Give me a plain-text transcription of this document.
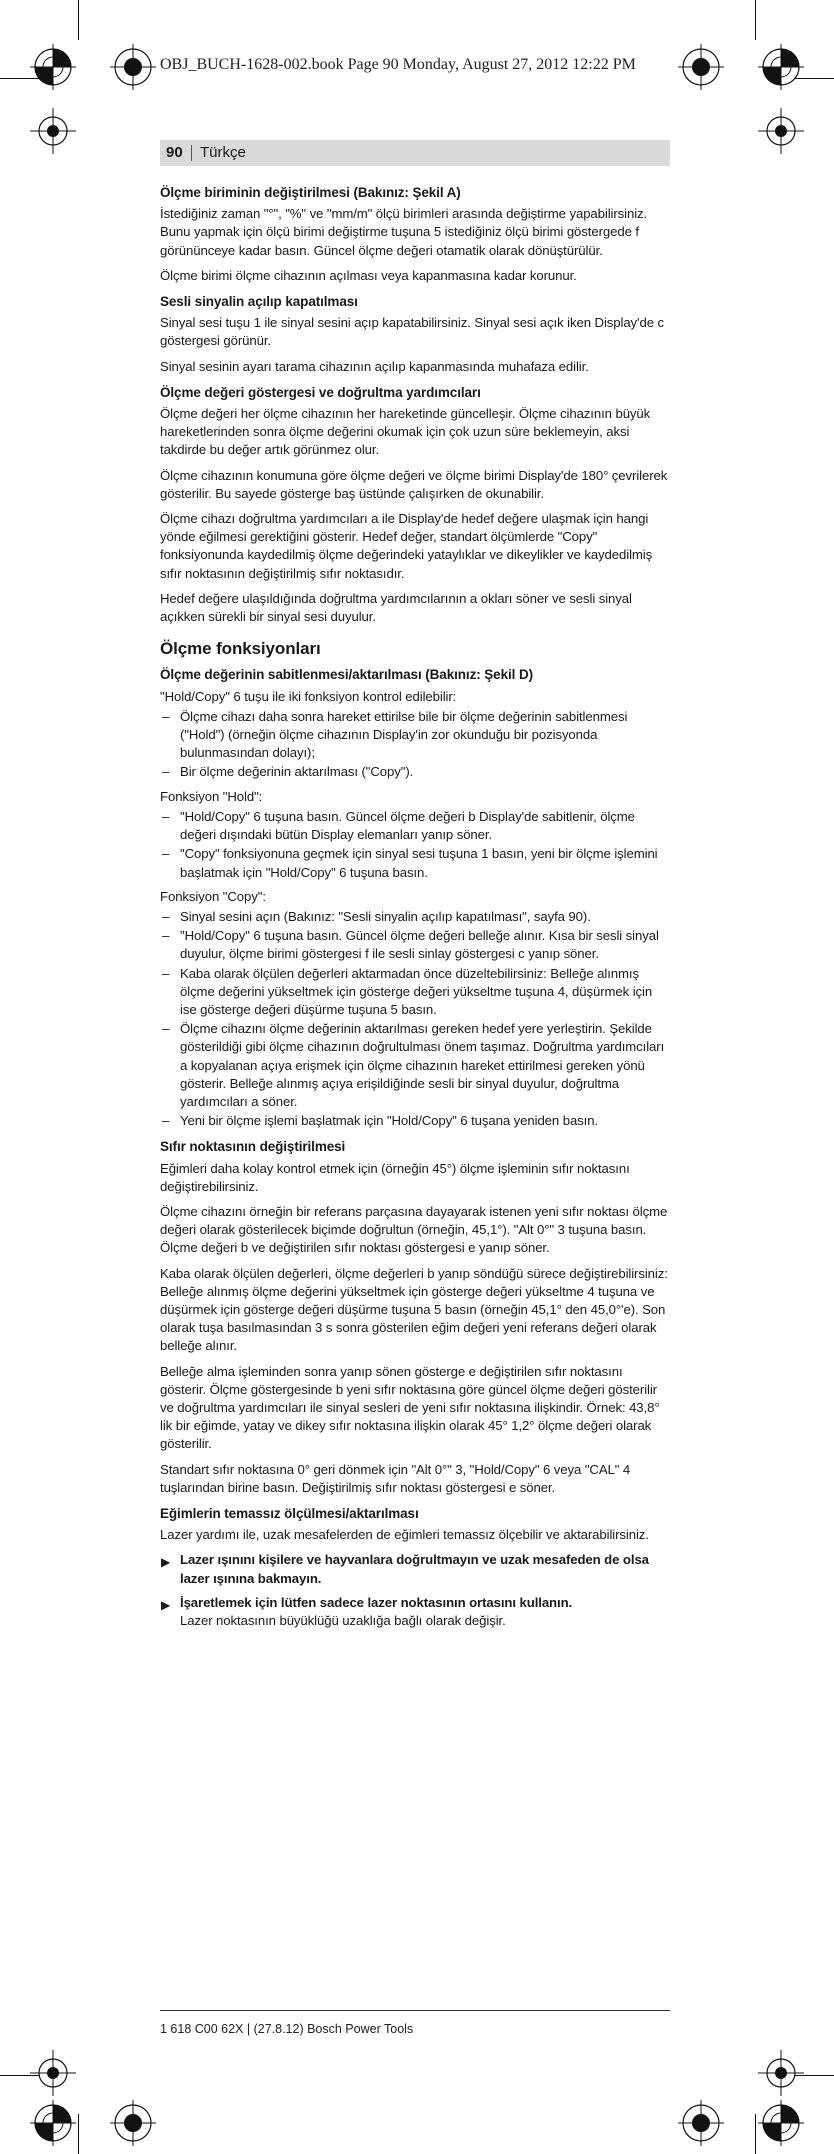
OBJ_BUCH-1628-002.book Page 90 Monday, August 27, 2012 12:22 PM
90 Türkçe
Ölçme biriminin değiştirilmesi (Bakınız: Şekil A)

İstediğiniz zaman "°", "%" ve "mm/m" ölçü birimleri arasında değiştirme yapabilirsiniz. Bunu yapmak için ölçü birimi değiştirme tuşuna 5 istediğiniz ölçü birimi göstergede f görününceye kadar basın. Güncel ölçme değeri otamatik olarak dönüştürülür.

Ölçme birimi ölçme cihazının açılması veya kapanmasına kadar korunur.

Sesli sinyalin açılıp kapatılması

Sinyal sesi tuşu 1 ile sinyal sesini açıp kapatabilirsiniz. Sinyal sesi açık iken Display'de c göstergesi görünür.

Sinyal sesinin ayarı tarama cihazının açılıp kapanmasında muhafaza edilir.

Ölçme değeri göstergesi ve doğrultma yardımcıları

Ölçme değeri her ölçme cihazının her hareketinde güncelleşir. Ölçme cihazının büyük hareketlerinden sonra ölçme değerini okumak için çok uzun süre beklemeyin, aksi takdirde bu değer artık görünmez olur.

Ölçme cihazının konumuna göre ölçme değeri ve ölçme birimi Display'de 180° çevrilerek gösterilir. Bu sayede gösterge baş üstünde çalışırken de okunabilir.

Ölçme cihazı doğrultma yardımcıları a ile Display'de hedef değere ulaşmak için hangi yönde eğilmesi gerektiğini gösterir. Hedef değer, standart ölçümlerde "Copy" fonksiyonunda kaydedilmiş ölçme değerindeki yataylıklar ve dikeylikler ve kaydedilmiş sıfır noktasının değiştirilmiş sıfır noktasıdır.

Hedef değere ulaşıldığında doğrultma yardımcılarının a okları söner ve sesli sinyal açıkken sürekli bir sinyal sesi duyulur.

Ölçme fonksiyonları
Ölçme değerinin sabitlenmesi/aktarılması (Bakınız: Şekil D)

"Hold/Copy" 6 tuşu ile iki fonksiyon kontrol edilebilir:

– Ölçme cihazı daha sonra hareket ettirilse bile bir ölçme değerinin sabitlenmesi ("Hold") (örneğin ölçme cihazının Display'in zor okunduğu bir pozisyonda bulunmasından dolayı);
– Bir ölçme değerinin aktarılması ("Copy").

Fonksiyon "Hold":

– "Hold/Copy" 6 tuşuna basın. Güncel ölçme değeri b Display'de sabitlenir, ölçme değeri dışındaki bütün Display elemanları yanıp söner.
– "Copy" fonksiyonuna geçmek için sinyal sesi tuşuna 1 basın, yeni bir ölçme işlemini başlatmak için "Hold/Copy" 6 tuşuna basın.

Fonksiyon "Copy":

– Sinyal sesini açın (Bakınız: "Sesli sinyalin açılıp kapatılması", sayfa 90).
– "Hold/Copy" 6 tuşuna basın. Güncel ölçme değeri belleğe alınır. Kısa bir sesli sinyal duyulur, ölçme birimi göstergesi f ile sesli sinlay göstergesi c yanıp söner.
– Kaba olarak ölçülen değerleri aktarmadan önce düzeltebilirsiniz: Belleğe alınmış ölçme değerini yükseltmek için gösterge değeri yükseltme tuşuna 4, düşürmek için ise gösterge değeri düşürme tuşuna 5 basın.
– Ölçme cihazını ölçme değerinin aktarılması gereken hedef yere yerleştirin. Şekilde gösterildiği gibi ölçme cihazının doğrultulması önem taşımaz. Doğrultma yardımcıları a kopyalanan açıya erişmek için ölçme cihazının hareket ettirilmesi gereken yönü gösterir. Belleğe alınmış açıya erişildiğinde sesli bir sinyal duyulur, doğrultma yardımcıları a söner.
– Yeni bir ölçme işlemi başlatmak için "Hold/Copy" 6 tuşana yeniden basın.
Sıfır noktasının değiştirilmesi

Eğimleri daha kolay kontrol etmek için (örneğin 45°) ölçme işleminin sıfır noktasını değiştirebilirsiniz.

Ölçme cihazını örneğin bir referans parçasına dayayarak istenen yeni sıfır noktası ölçme değeri olarak gösterilecek biçimde doğrultun (örneğin, 45,1°). "Alt 0°" 3 tuşuna basın. Ölçme değeri b ve değiştirilen sıfır noktası göstergesi e yanıp söner.

Kaba olarak ölçülen değerleri, ölçme değerleri b yanıp söndüğü sürece değiştirebilirsiniz: Belleğe alınmış ölçme değerini yükseltmek için gösterge değeri yükseltme 4 tuşuna ve düşürmek için gösterge değeri düşürme tuşuna 5 basın (örneğin 45,1° den 45,0°'e). Son olarak tuşa basılmasından 3 s sonra gösterilen eğim değeri yeni referans değeri olarak belleğe alınır.

Belleğe alma işleminden sonra yanıp sönen gösterge e değiştirilen sıfır noktasını gösterir. Ölçme göstergesinde b yeni sıfır noktasına göre güncel ölçme değeri gösterilir ve doğrultma yardımcıları ile sinyal sesleri de yeni sıfır noktasına ilişkindir. Örnek: 43,8° lik bir eğimde, yatay ve dikey sıfır noktasına ilişkin olarak 45° 1,2° ölçme değeri olarak gösterilir.

Standart sıfır noktasına 0° geri dönmek için "Alt 0°" 3, "Hold/Copy" 6 veya "CAL" 4 tuşlarından birine basın. Değiştirilmiş sıfır noktası göstergesi e söner.

Eğimlerin temassız ölçülmesi/aktarılması

Lazer yardımı ile, uzak mesafelerden de eğimleri temassız ölçebilir ve aktarabilirsiniz.

▶ Lazer ışınını kişilere ve hayvanlara doğrultmayın ve uzak mesafeden de olsa lazer ışınına bakmayın.
▶ İşaretlemek için lütfen sadece lazer noktasının ortasını kullanın.
Lazer noktasının büyüklüğü uzaklığa bağlı olarak değişir.
1 618 C00 62X | (27.8.12) Bosch Power Tools
